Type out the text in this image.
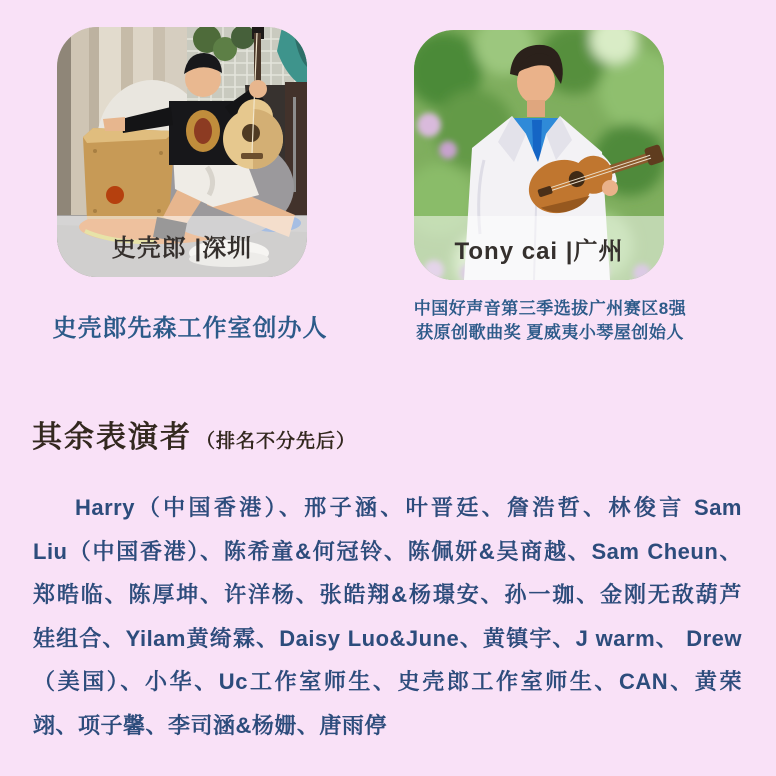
史壳郎 |深圳	Tony cai |广州
史壳郎先森工作室创办人
中国好声音第三季选拔广州赛区8强
获原创歌曲奖 夏威夷小琴屋创始人
其余表演者 （排名不分先后）
Harry（中国香港）、邢子涵、叶晋廷、詹浩哲、林俊言 Sam
Liu（中国香港）、陈希童&何冠铃、陈佩妍&吴商越、Sam Cheun、
郑晧临、陈厚坤、许洋杨、张皓翔&杨璟安、孙一珈、金刚无敌葫芦
娃组合、Yilam黄绮霖、Daisy Luo&June、黄镇宇、J warm、 Drew
（美国）、小华、Uc工作室师生、史壳郎工作室师生、CAN、黄荣
翊、项子馨、李司涵&杨姗、唐雨停
